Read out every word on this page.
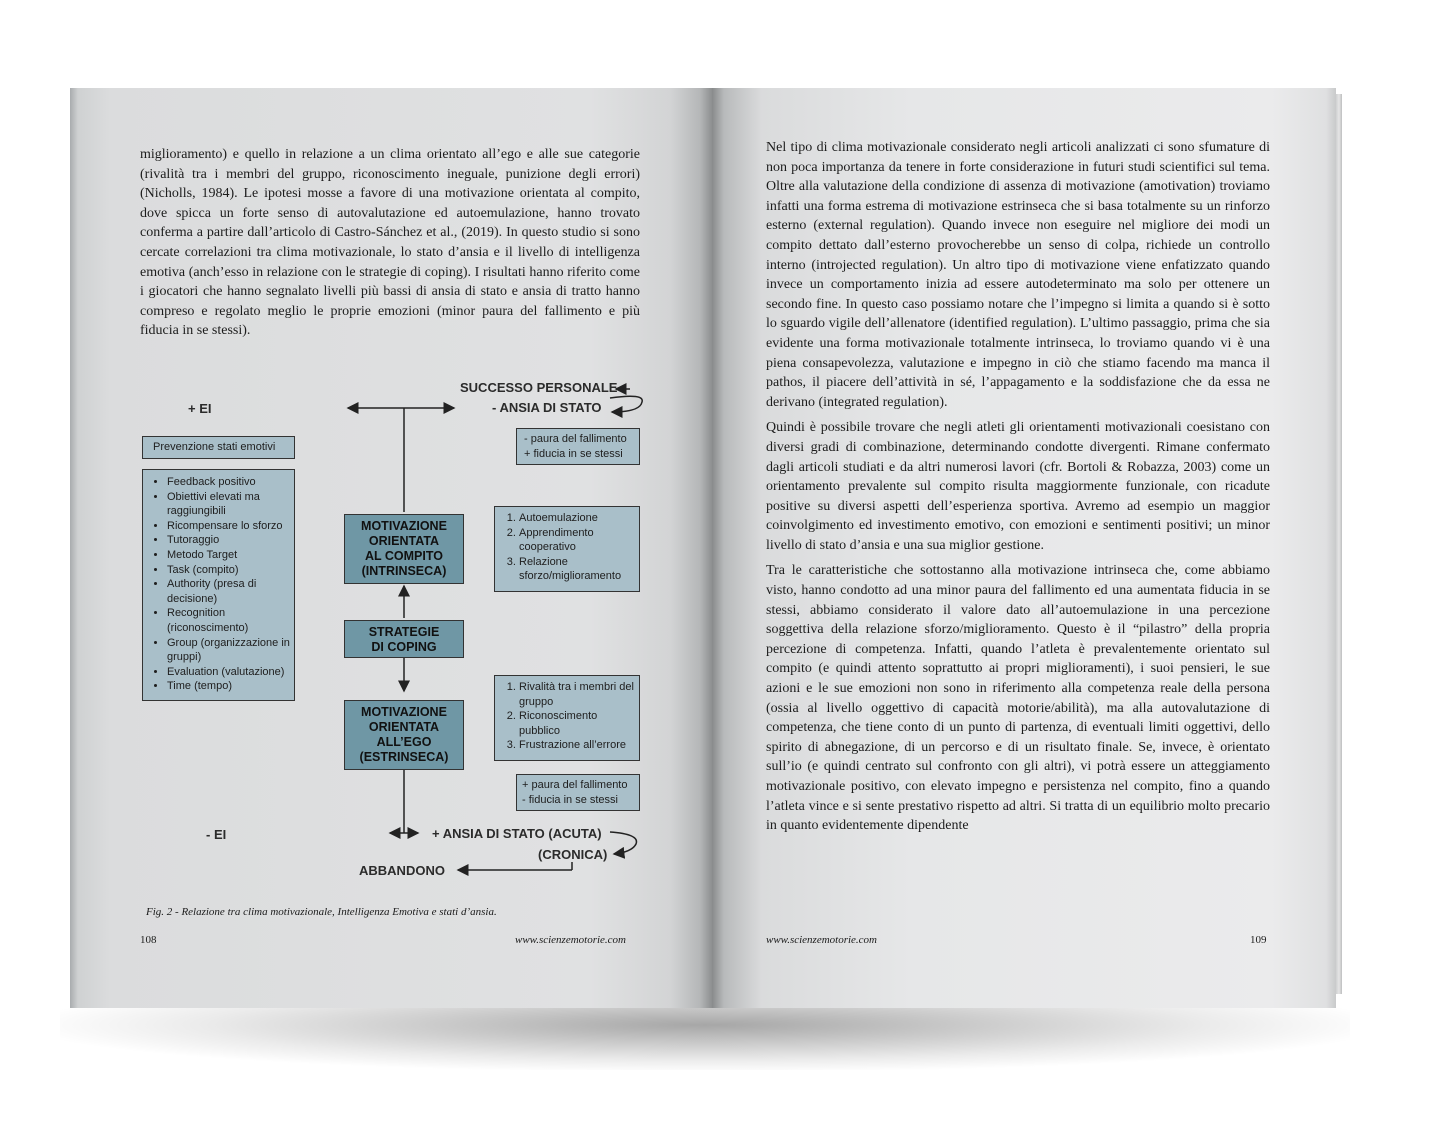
miglioramento) e quello in relazione a un clima orientato all’ego e alle sue categorie (rivalità tra i membri del gruppo, riconoscimento ineguale, punizione degli errori) (Nicholls, 1984). Le ipotesi mosse a favore di una motivazione orientata al compito, dove spicca un forte senso di autovalutazione ed autoemulazione, hanno trovato conferma a partire dall’articolo di Castro-Sánchez et al., (2019). In questo studio si sono cercate correlazioni tra clima motivazionale, lo stato d’ansia e il livello di intelligenza emotiva (anch’esso in relazione con le strategie di coping). I risultati hanno riferito come i giocatori che hanno segnalato livelli più bassi di ansia di stato e ansia di tratto hanno compreso e regolato meglio le proprie emozioni (minor paura del fallimento e più fiducia in se stessi).

+ EI
SUCCESSO PERSONALE
- ANSIA DI STATO
- paura del fallimento
+ fiducia in se stessi
Prevenzione stati emotivi
• Feedback positivo
• Obiettivi elevati ma raggiungibili
• Ricompensare lo sforzo
• Tutoraggio
• Metodo Target
• Task (compito)
• Authority (presa di decisione)
• Recognition (riconoscimento)
• Group (organizzazione in gruppi)
• Evaluation (valutazione)
• Time (tempo)
MOTIVAZIONE
ORIENTATA
AL COMPITO
(INTRINSECA)
1. Autoemulazione
2. Apprendimento cooperativo
3. Relazione sforzo/miglioramento
STRATEGIE
DI COPING
MOTIVAZIONE
ORIENTATA
ALL’EGO
(ESTRINSECA)
1. Rivalità tra i membri del gruppo
2. Riconoscimento pubblico
3. Frustrazione all’errore
+ paura del fallimento
- fiducia in se stessi
- EI	+ ANSIA DI STATO (ACUTA)
(CRONICA)
ABBANDONO
Fig. 2 - Relazione tra clima motivazionale, Intelligenza Emotiva e stati d’ansia.
108	www.scienzemotorie.com

Nel tipo di clima motivazionale considerato negli articoli analizzati ci sono sfumature di non poca importanza da tenere in forte considerazione in futuri studi scientifici sul tema. Oltre alla valutazione della condizione di assenza di motivazione (amotivation) troviamo infatti una forma estrema di motivazione estrinseca che si basa totalmente su un rinforzo esterno (external regulation). Quando invece non eseguire nel migliore dei modi un compito dettato dall’esterno provocherebbe un senso di colpa, richiede un controllo interno (introjected regulation). Un altro tipo di motivazione viene enfatizzato quando invece un comportamento inizia ad essere autodeterminato ma solo per ottenere un secondo fine. In questo caso possiamo notare che l’impegno si limita a quando si è sotto lo sguardo vigile dell’allenatore (identified regulation). L’ultimo passaggio, prima che sia evidente una forma motivazionale totalmente intrinseca, lo troviamo quando vi è una piena consapevolezza, valutazione e impegno in ciò che stiamo facendo ma manca il pathos, il piacere dell’attività in sé, l’appagamento e la soddisfazione che da essa ne derivano (integrated regulation).

Quindi è possibile trovare che negli atleti gli orientamenti motivazionali coesistano con diversi gradi di combinazione, determinando condotte divergenti. Rimane confermato dagli articoli studiati e da altri numerosi lavori (cfr. Bortoli & Robazza, 2003) come un orientamento prevalente sul compito risulta maggiormente funzionale, con ricadute positive su diversi aspetti dell’esperienza sportiva. Avremo ad esempio un maggior coinvolgimento ed investimento emotivo, con emozioni e sentimenti positivi; un minor livello di stato d’ansia e una sua miglior gestione.

Tra le caratteristiche che sottostanno alla motivazione intrinseca che, come abbiamo visto, hanno condotto ad una minor paura del fallimento ed una aumentata fiducia in se stessi, abbiamo considerato il valore dato all’autoemulazione in una percezione soggettiva della relazione sforzo/miglioramento. Questo è il “pilastro” della propria percezione di competenza. Infatti, quando l’atleta è prevalentemente orientato sul compito (e quindi attento soprattutto ai propri miglioramenti), i suoi pensieri, le sue azioni e le sue emozioni non sono in riferimento alla competenza reale della persona (ossia al livello oggettivo di capacità motorie/abilità), ma alla autovalutazione di competenza, che tiene conto di un punto di partenza, di eventuali limiti oggettivi, dello spirito di abnegazione, di un percorso e di un risultato finale. Se, invece, è orientato sull’io (e quindi centrato sul confronto con gli altri), vi potrà essere un atteggiamento motivazionale positivo, con elevato impegno e persistenza nel compito, fino a quando l’atleta vince e si sente prestativo rispetto ad altri. Si tratta di un equilibrio molto precario in quanto evidentemente dipendente

www.scienzemotorie.com	109
